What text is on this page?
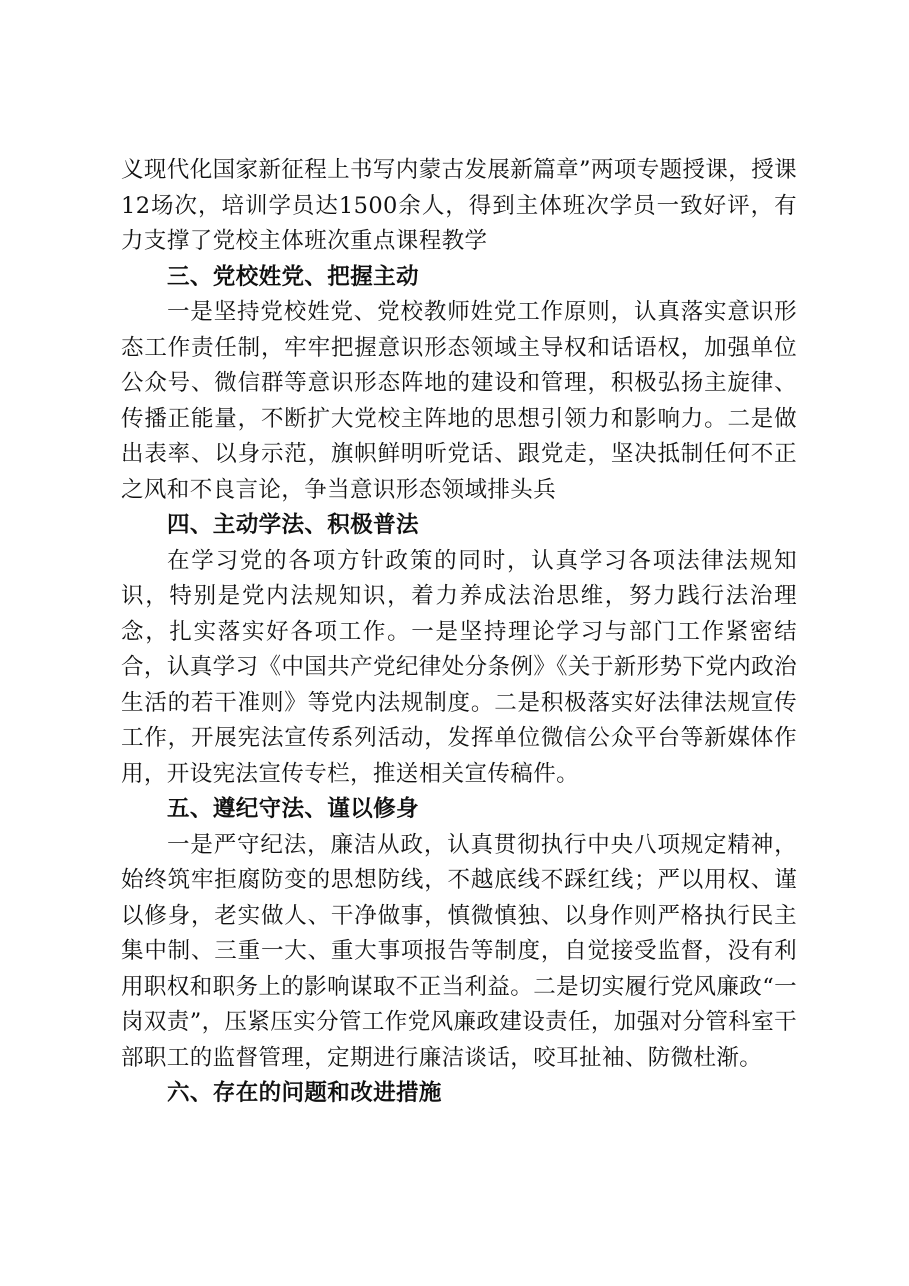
义现代化国家新征程上书写内蒙古发展新篇章”两项专题授课，授课12场次，培训学员达1500余人，得到主体班次学员一致好评，有力支撑了党校主体班次重点课程教学

三、党校姓党、把握主动

一是坚持党校姓党、党校教师姓党工作原则，认真落实意识形态工作责任制，牢牢把握意识形态领域主导权和话语权，加强单位公众号、微信群等意识形态阵地的建设和管理，积极弘扬主旋律、传播正能量，不断扩大党校主阵地的思想引领力和影响力。二是做出表率、以身示范，旗帜鲜明听党话、跟党走，坚决抵制任何不正之风和不良言论，争当意识形态领域排头兵

四、主动学法、积极普法

在学习党的各项方针政策的同时，认真学习各项法律法规知识，特别是党内法规知识，着力养成法治思维，努力践行法治理念，扎实落实好各项工作。一是坚持理论学习与部门工作紧密结合，认真学习《中国共产党纪律处分条例》《关于新形势下党内政治生活的若干准则》等党内法规制度。二是积极落实好法律法规宣传工作，开展宪法宣传系列活动，发挥单位微信公众平台等新媒体作用，开设宪法宣传专栏，推送相关宣传稿件。

五、遵纪守法、谨以修身

一是严守纪法，廉洁从政，认真贯彻执行中央八项规定精神，始终筑牢拒腐防变的思想防线，不越底线不踩红线；严以用权、谨以修身，老实做人、干净做事，慎微慎独、以身作则严格执行民主集中制、三重一大、重大事项报告等制度，自觉接受监督，没有利用职权和职务上的影响谋取不正当利益。二是切实履行党风廉政“一岗双责”，压紧压实分管工作党风廉政建设责任，加强对分管科室干部职工的监督管理，定期进行廉洁谈话，咬耳扯袖、防微杜渐。

六、存在的问题和改进措施
